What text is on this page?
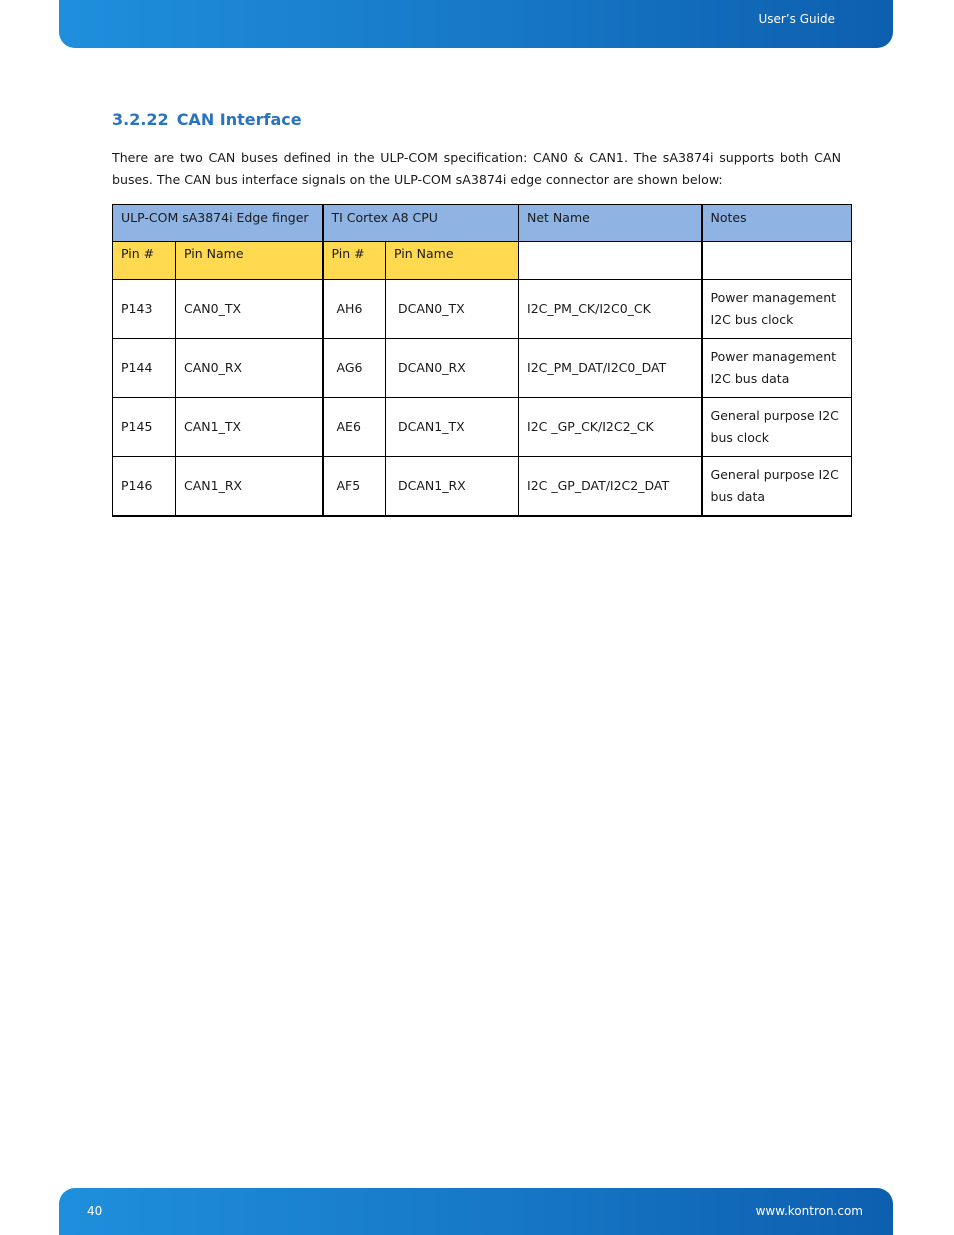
User’s Guide
3.2.22 CAN Interface

There are two CAN buses defined in the ULP-COM specification: CAN0 & CAN1. The sA3874i supports both CAN buses. The CAN bus interface signals on the ULP-COM sA3874i edge connector are shown below:

ULP-COM sA3874i Edge finger		TI Cortex A8 CPU		Net Name	Notes
Pin #	Pin Name	Pin #	Pin Name		
P143	CAN0_TX	AH6	DCAN0_TX	I2C_PM_CK/I2C0_CK	Power management I2C bus clock
P144	CAN0_RX	AG6	DCAN0_RX	I2C_PM_DAT/I2C0_DAT	Power management I2C bus data
P145	CAN1_TX	AE6	DCAN1_TX	I2C _GP_CK/I2C2_CK	General purpose I2C bus clock
P146	CAN1_RX	AF5	DCAN1_RX	I2C _GP_DAT/I2C2_DAT	General purpose I2C bus data
40	www.kontron.com
